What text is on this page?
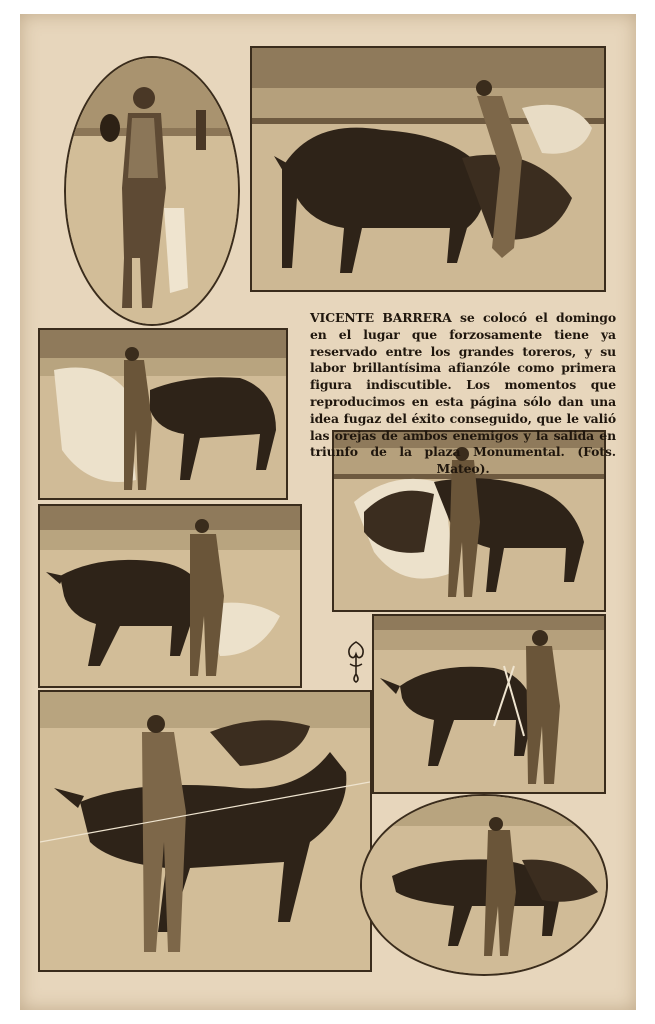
VICENTE BARRERA se colocó el domingo en el lugar que forzosamente tiene ya reservado entre los grandes toreros, y su labor brillantísima afianzóle como primera figura indiscutible. Los momentos que reproducimos en esta página sólo dan una idea fugaz del éxito conseguido, que le valió las orejas de ambos enemigos y la salida en triunfo de la plaza Monumental. (Fots. Mateo).
